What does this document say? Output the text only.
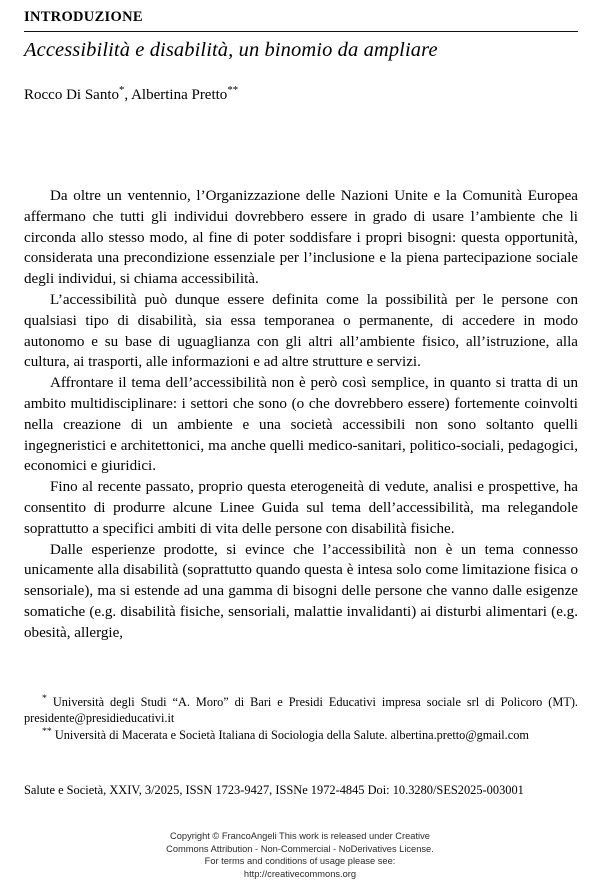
INTRODUZIONE
Accessibilità e disabilità, un binomio da ampliare
Rocco Di Santo*, Albertina Pretto**

Da oltre un ventennio, l’Organizzazione delle Nazioni Unite e la Comunità Europea affermano che tutti gli individui dovrebbero essere in grado di usare l’ambiente che li circonda allo stesso modo, al fine di poter soddisfare i propri bisogni: questa opportunità, considerata una precondizione essenziale per l’inclusione e la piena partecipazione sociale degli individui, si chiama accessibilità.

L’accessibilità può dunque essere definita come la possibilità per le persone con qualsiasi tipo di disabilità, sia essa temporanea o permanente, di accedere in modo autonomo e su base di uguaglianza con gli altri all’ambiente fisico, all’istruzione, alla cultura, ai trasporti, alle informazioni e ad altre strutture e servizi.

Affrontare il tema dell’accessibilità non è però così semplice, in quanto si tratta di un ambito multidisciplinare: i settori che sono (o che dovrebbero essere) fortemente coinvolti nella creazione di un ambiente e una società accessibili non sono soltanto quelli ingegneristici e architettonici, ma anche quelli medico-sanitari, politico-sociali, pedagogici, economici e giuridici.

Fino al recente passato, proprio questa eterogeneità di vedute, analisi e prospettive, ha consentito di produrre alcune Linee Guida sul tema dell’accessibilità, ma relegandole soprattutto a specifici ambiti di vita delle persone con disabilità fisiche.

Dalle esperienze prodotte, si evince che l’accessibilità non è un tema connesso unicamente alla disabilità (soprattutto quando questa è intesa solo come limitazione fisica o sensoriale), ma si estende ad una gamma di bisogni delle persone che vanno dalle esigenze somatiche (e.g. disabilità fisiche, sensoriali, malattie invalidanti) ai disturbi alimentari (e.g. obesità, allergie,

* Università degli Studi “A. Moro” di Bari e Presidi Educativi impresa sociale srl di Policoro (MT). presidente@presidieducativi.it

** Università di Macerata e Società Italiana di Sociologia della Salute. albertina.pretto@gmail.com

Salute e Società, XXIV, 3/2025, ISSN 1723-9427, ISSNe 1972-4845 Doi: 10.3280/SES2025-003001
Copyright © FrancoAngeli This work is released under Creative
Commons Attribution - Non-Commercial - NoDerivatives License.
For terms and conditions of usage please see:
http://creativecommons.org
